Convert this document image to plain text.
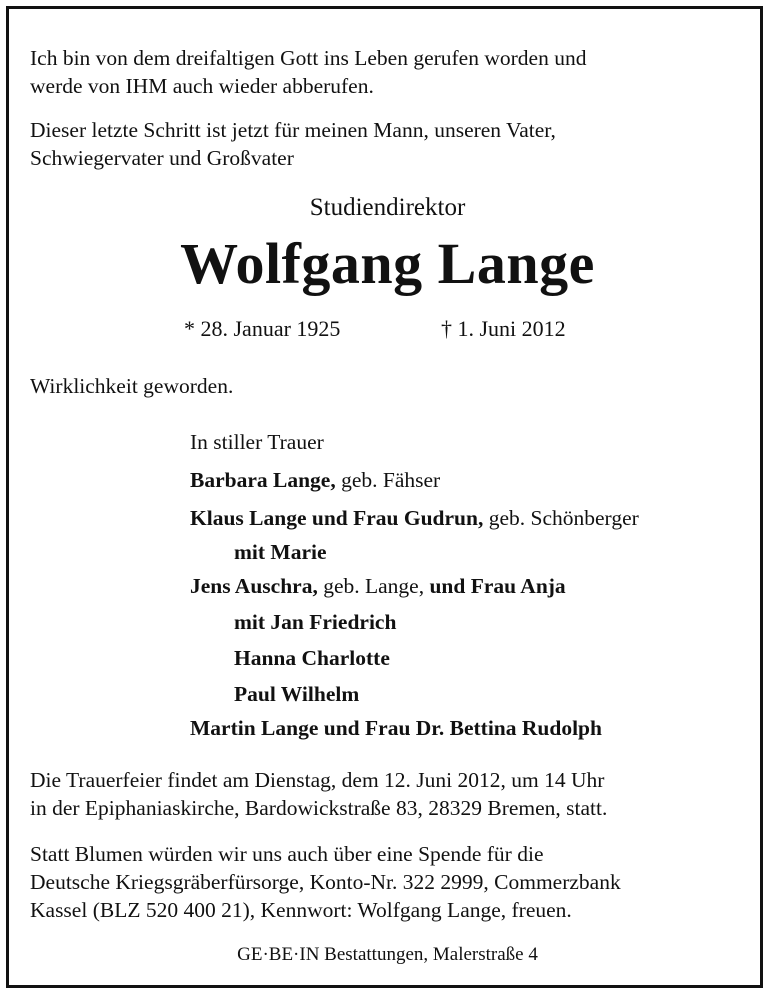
Ich bin von dem dreifaltigen Gott ins Leben gerufen worden und

werde von IHM auch wieder abberufen.

Dieser letzte Schritt ist jetzt für meinen Mann, unseren Vater,

Schwiegervater und Großvater

Studiendirektor

Wolfgang Lange

* 28. Januar 1925	† 1. Juni 2012

Wirklichkeit geworden.

In stiller Trauer

Barbara Lange, geb. Fähser

Klaus Lange und Frau Gudrun, geb. Schönberger

mit Marie

Jens Auschra, geb. Lange, und Frau Anja

mit Jan Friedrich

Hanna Charlotte

Paul Wilhelm

Martin Lange und Frau Dr. Bettina Rudolph

Die Trauerfeier findet am Dienstag, dem 12. Juni 2012, um 14 Uhr

in der Epiphaniaskirche, Bardowickstraße 83, 28329 Bremen, statt.

Statt Blumen würden wir uns auch über eine Spende für die

Deutsche Kriegsgräberfürsorge, Konto-Nr. 322 2999, Commerzbank

Kassel (BLZ 520 400 21), Kennwort: Wolfgang Lange, freuen.

GE·BE·IN Bestattungen, Malerstraße 4
